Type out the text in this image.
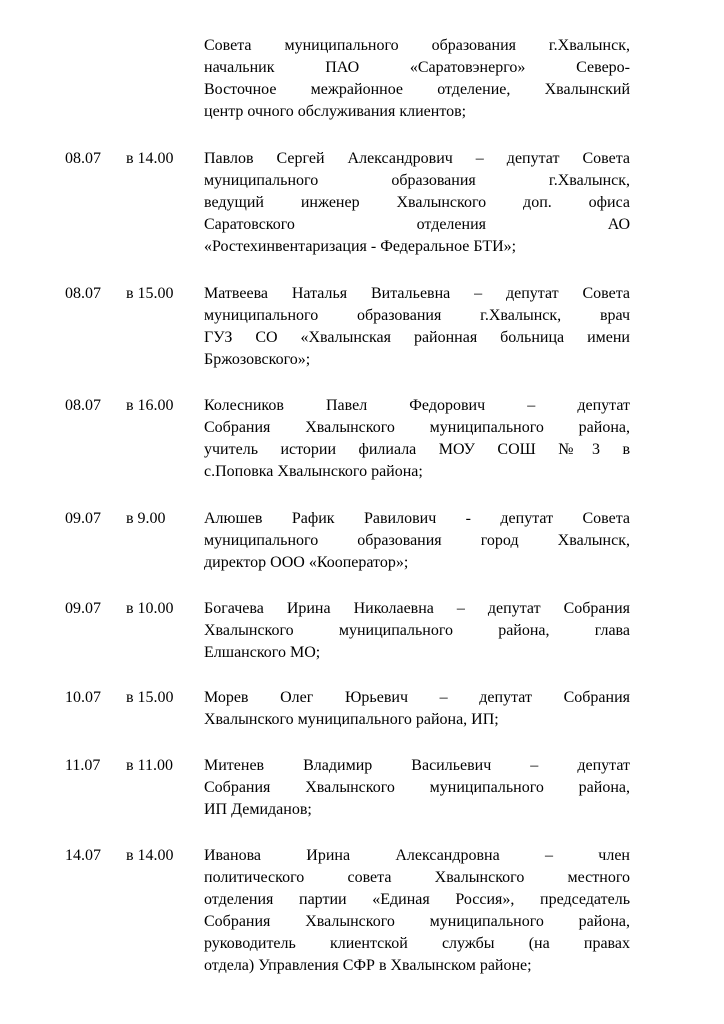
Совета муниципального образования г.Хвалынск,
начальник ПАО «Саратовэнерго» Северо-
Восточное межрайонное отделение, Хвалынский
центр очного обслуживания клиентов;
08.07 в 14.00 Павлов Сергей Александрович – депутат Совета
муниципального образования г.Хвалынск,
ведущий инженер Хвалынского доп. офиса
Саратовского отделения АО
«Ростехинвентаризация - Федеральное БТИ»;
08.07 в 15.00 Матвеева Наталья Витальевна – депутат Совета
муниципального образования г.Хвалынск, врач
ГУЗ СО «Хвалынская районная больница имени
Бржозовского»;
08.07 в 16.00 Колесников Павел Федорович – депутат
Собрания Хвалынского муниципального района,
учитель истории филиала МОУ СОШ №3 в
с.Поповка Хвалынского района;
09.07 в 9.00 Алюшев Рафик Равилович - депутат Совета
муниципального образования город Хвалынск,
директор ООО «Кооператор»;
09.07 в 10.00 Богачева Ирина Николаевна – депутат Собрания
Хвалынского муниципального района, глава
Елшанского МО;
10.07 в 15.00 Морев Олег Юрьевич – депутат Собрания
Хвалынского муниципального района, ИП;
11.07 в 11.00 Митенев Владимир Васильевич – депутат
Собрания Хвалынского муниципального района,
ИП Демиданов;
14.07 в 14.00 Иванова Ирина Александровна – член
политического совета Хвалынского местного
отделения партии «Единая Россия», председатель
Собрания Хвалынского муниципального района,
руководитель клиентской службы (на правах
отдела) Управления СФР в Хвалынском районе;
